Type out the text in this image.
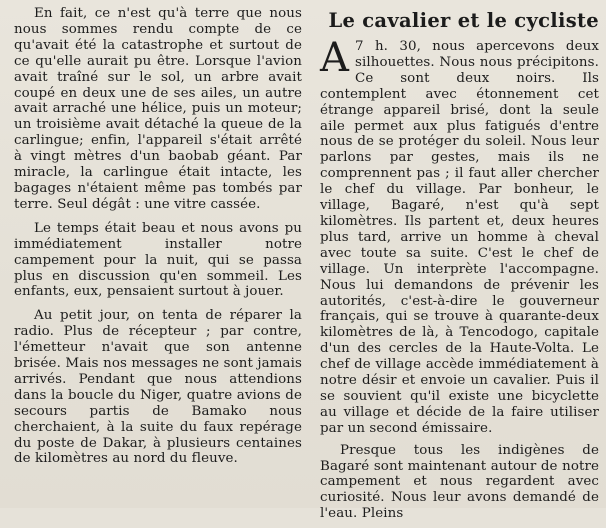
En fait, ce n'est qu'à terre que nous nous sommes rendu compte de ce qu'avait été la catastrophe et surtout de ce qu'elle aurait pu être. Lorsque l'avion avait traîné sur le sol, un arbre avait coupé en deux une de ses ailes, un autre avait arraché une hélice, puis un moteur; un troisième avait détaché la queue de la carlingue; enfin, l'appareil s'était arrêté à vingt mètres d'un baobab géant. Par miracle, la carlingue était intacte, les bagages n'étaient même pas tombés par terre. Seul dégât : une vitre cassée.

Le temps était beau et nous avons pu immédiatement installer notre campement pour la nuit, qui se passa plus en discussion qu'en sommeil. Les enfants, eux, pensaient surtout à jouer.

Au petit jour, on tenta de réparer la radio. Plus de récepteur ; par contre, l'émetteur n'avait que son antenne brisée. Mais nos messages ne sont jamais arrivés. Pendant que nous attendions dans la boucle du Niger, quatre avions de secours partis de Bamako nous cherchaient, à la suite du faux repérage du poste de Dakar, à plusieurs centaines de kilomètres au nord du fleuve.

Le cavalier et le cycliste

A 7 h. 30, nous apercevons deux silhouettes. Nous nous précipitons. Ce sont deux noirs. Ils contemplent avec étonnement cet étrange appareil brisé, dont la seule aile permet aux plus fatigués d'entre nous de se protéger du soleil. Nous leur parlons par gestes, mais ils ne comprennent pas ; il faut aller chercher le chef du village. Par bonheur, le village, Bagaré, n'est qu'à sept kilomètres. Ils partent et, deux heures plus tard, arrive un homme à cheval avec toute sa suite. C'est le chef de village. Un interprète l'accompagne. Nous lui demandons de prévenir les autorités, c'est-à-dire le gouverneur français, qui se trouve à quarante-deux kilomètres de là, à Tencodogo, capitale d'un des cercles de la Haute-Volta. Le chef de village accède immédiatement à notre désir et envoie un cavalier. Puis il se souvient qu'il existe une bicyclette au village et décide de la faire utiliser par un second émissaire.

Presque tous les indigènes de Bagaré sont maintenant autour de notre campement et nous regardent avec curiosité. Nous leur avons demandé de l'eau. Pleins
